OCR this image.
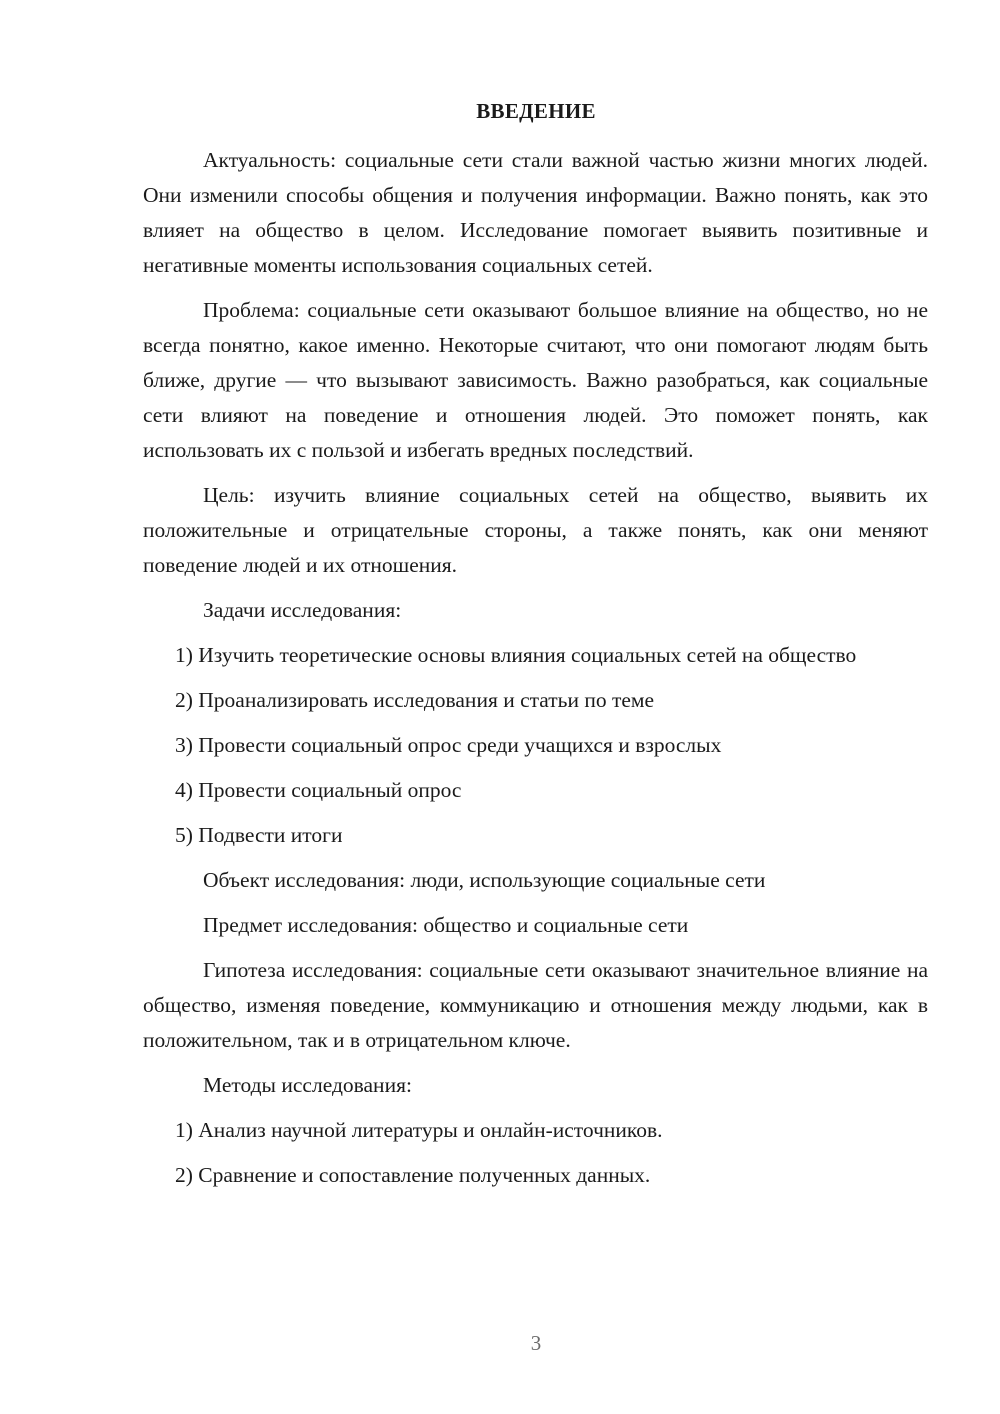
ВВЕДЕНИЕ

Актуальность: социальные сети стали важной частью жизни многих людей. Они изменили способы общения и получения информации. Важно понять, как это влияет на общество в целом. Исследование помогает выявить позитивные и негативные моменты использования социальных сетей.

Проблема: социальные сети оказывают большое влияние на общество, но не всегда понятно, какое именно. Некоторые считают, что они помогают людям быть ближе, другие — что вызывают зависимость. Важно разобраться, как социальные сети влияют на поведение и отношения людей. Это поможет понять, как использовать их с пользой и избегать вредных последствий.

Цель: изучить влияние социальных сетей на общество, выявить их положительные и отрицательные стороны, а также понять, как они меняют поведение людей и их отношения.

Задачи исследования:

1) Изучить теоретические основы влияния социальных сетей на общество

2) Проанализировать исследования и статьи по теме

3) Провести социальный опрос среди учащихся и взрослых

4) Провести социальный опрос

5) Подвести итоги

Объект исследования: люди, использующие социальные сети

Предмет исследования: общество и социальные сети

Гипотеза исследования: социальные сети оказывают значительное влияние на общество, изменяя поведение, коммуникацию и отношения между людьми, как в положительном, так и в отрицательном ключе.

Методы исследования:

1) Анализ научной литературы и онлайн-источников.

2) Сравнение и сопоставление полученных данных.

3
